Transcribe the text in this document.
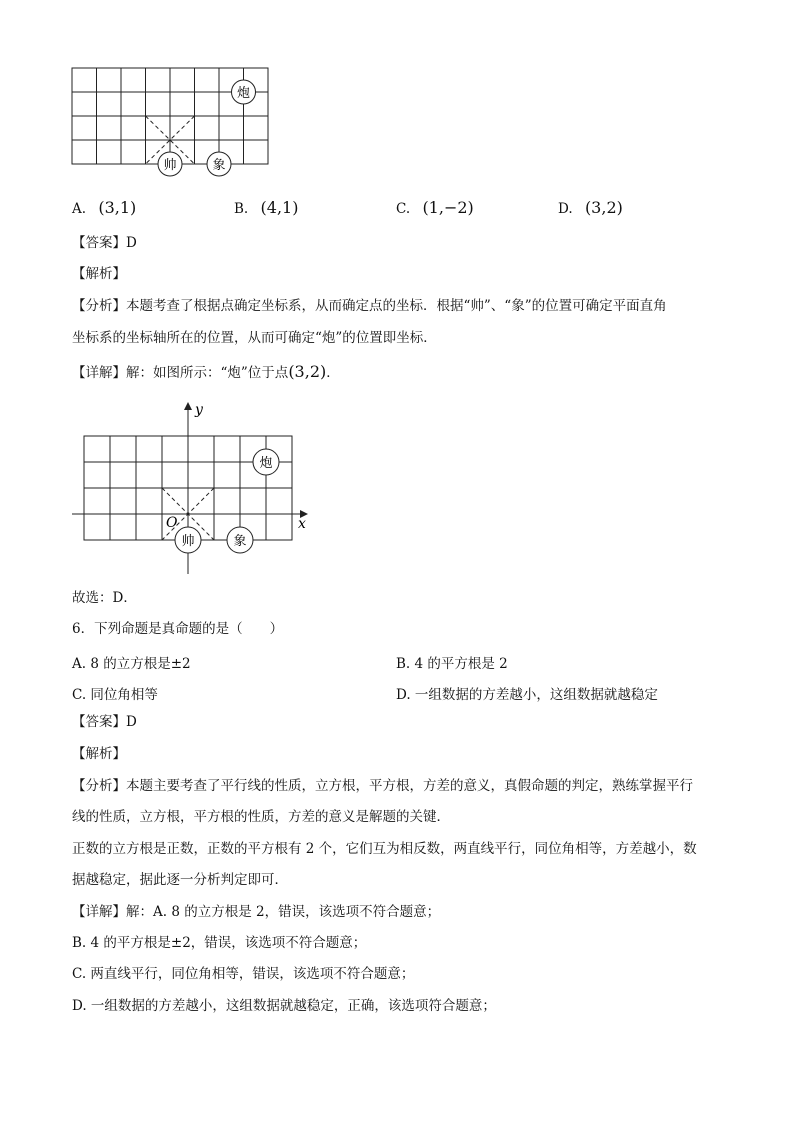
炮
帅	象
A. (3,1)	B. (4,1)	C. (1,−2)	D. (3,2)
【答案】D
【解析】
【分析】本题考查了根据点确定坐标系，从而确定点的坐标．根据“帅”、“象”的位置可确定平面直角
坐标系的坐标轴所在的位置，从而可确定“炮”的位置即坐标．
【详解】解：如图所示：“炮”位于点(3,2)．
x
y
O
炮
帅	象
故选：D．
6．下列命题是真命题的是（　　）
A. 8 的立方根是±2	B. 4 的平方根是 2
C. 同位角相等	D. 一组数据的方差越小，这组数据就越稳定
【答案】D
【解析】
【分析】本题主要考查了平行线的性质，立方根，平方根，方差的意义，真假命题的判定，熟练掌握平行
线的性质，立方根，平方根的性质，方差的意义是解题的关键．
正数的立方根是正数，正数的平方根有 2 个，它们互为相反数，两直线平行，同位角相等，方差越小，数
据越稳定，据此逐一分析判定即可．
【详解】解：A. 8 的立方根是 2，错误，该选项不符合题意；
B. 4 的平方根是±2，错误，该选项不符合题意；
C. 两直线平行，同位角相等，错误，该选项不符合题意；
D. 一组数据的方差越小，这组数据就越稳定，正确，该选项符合题意；
